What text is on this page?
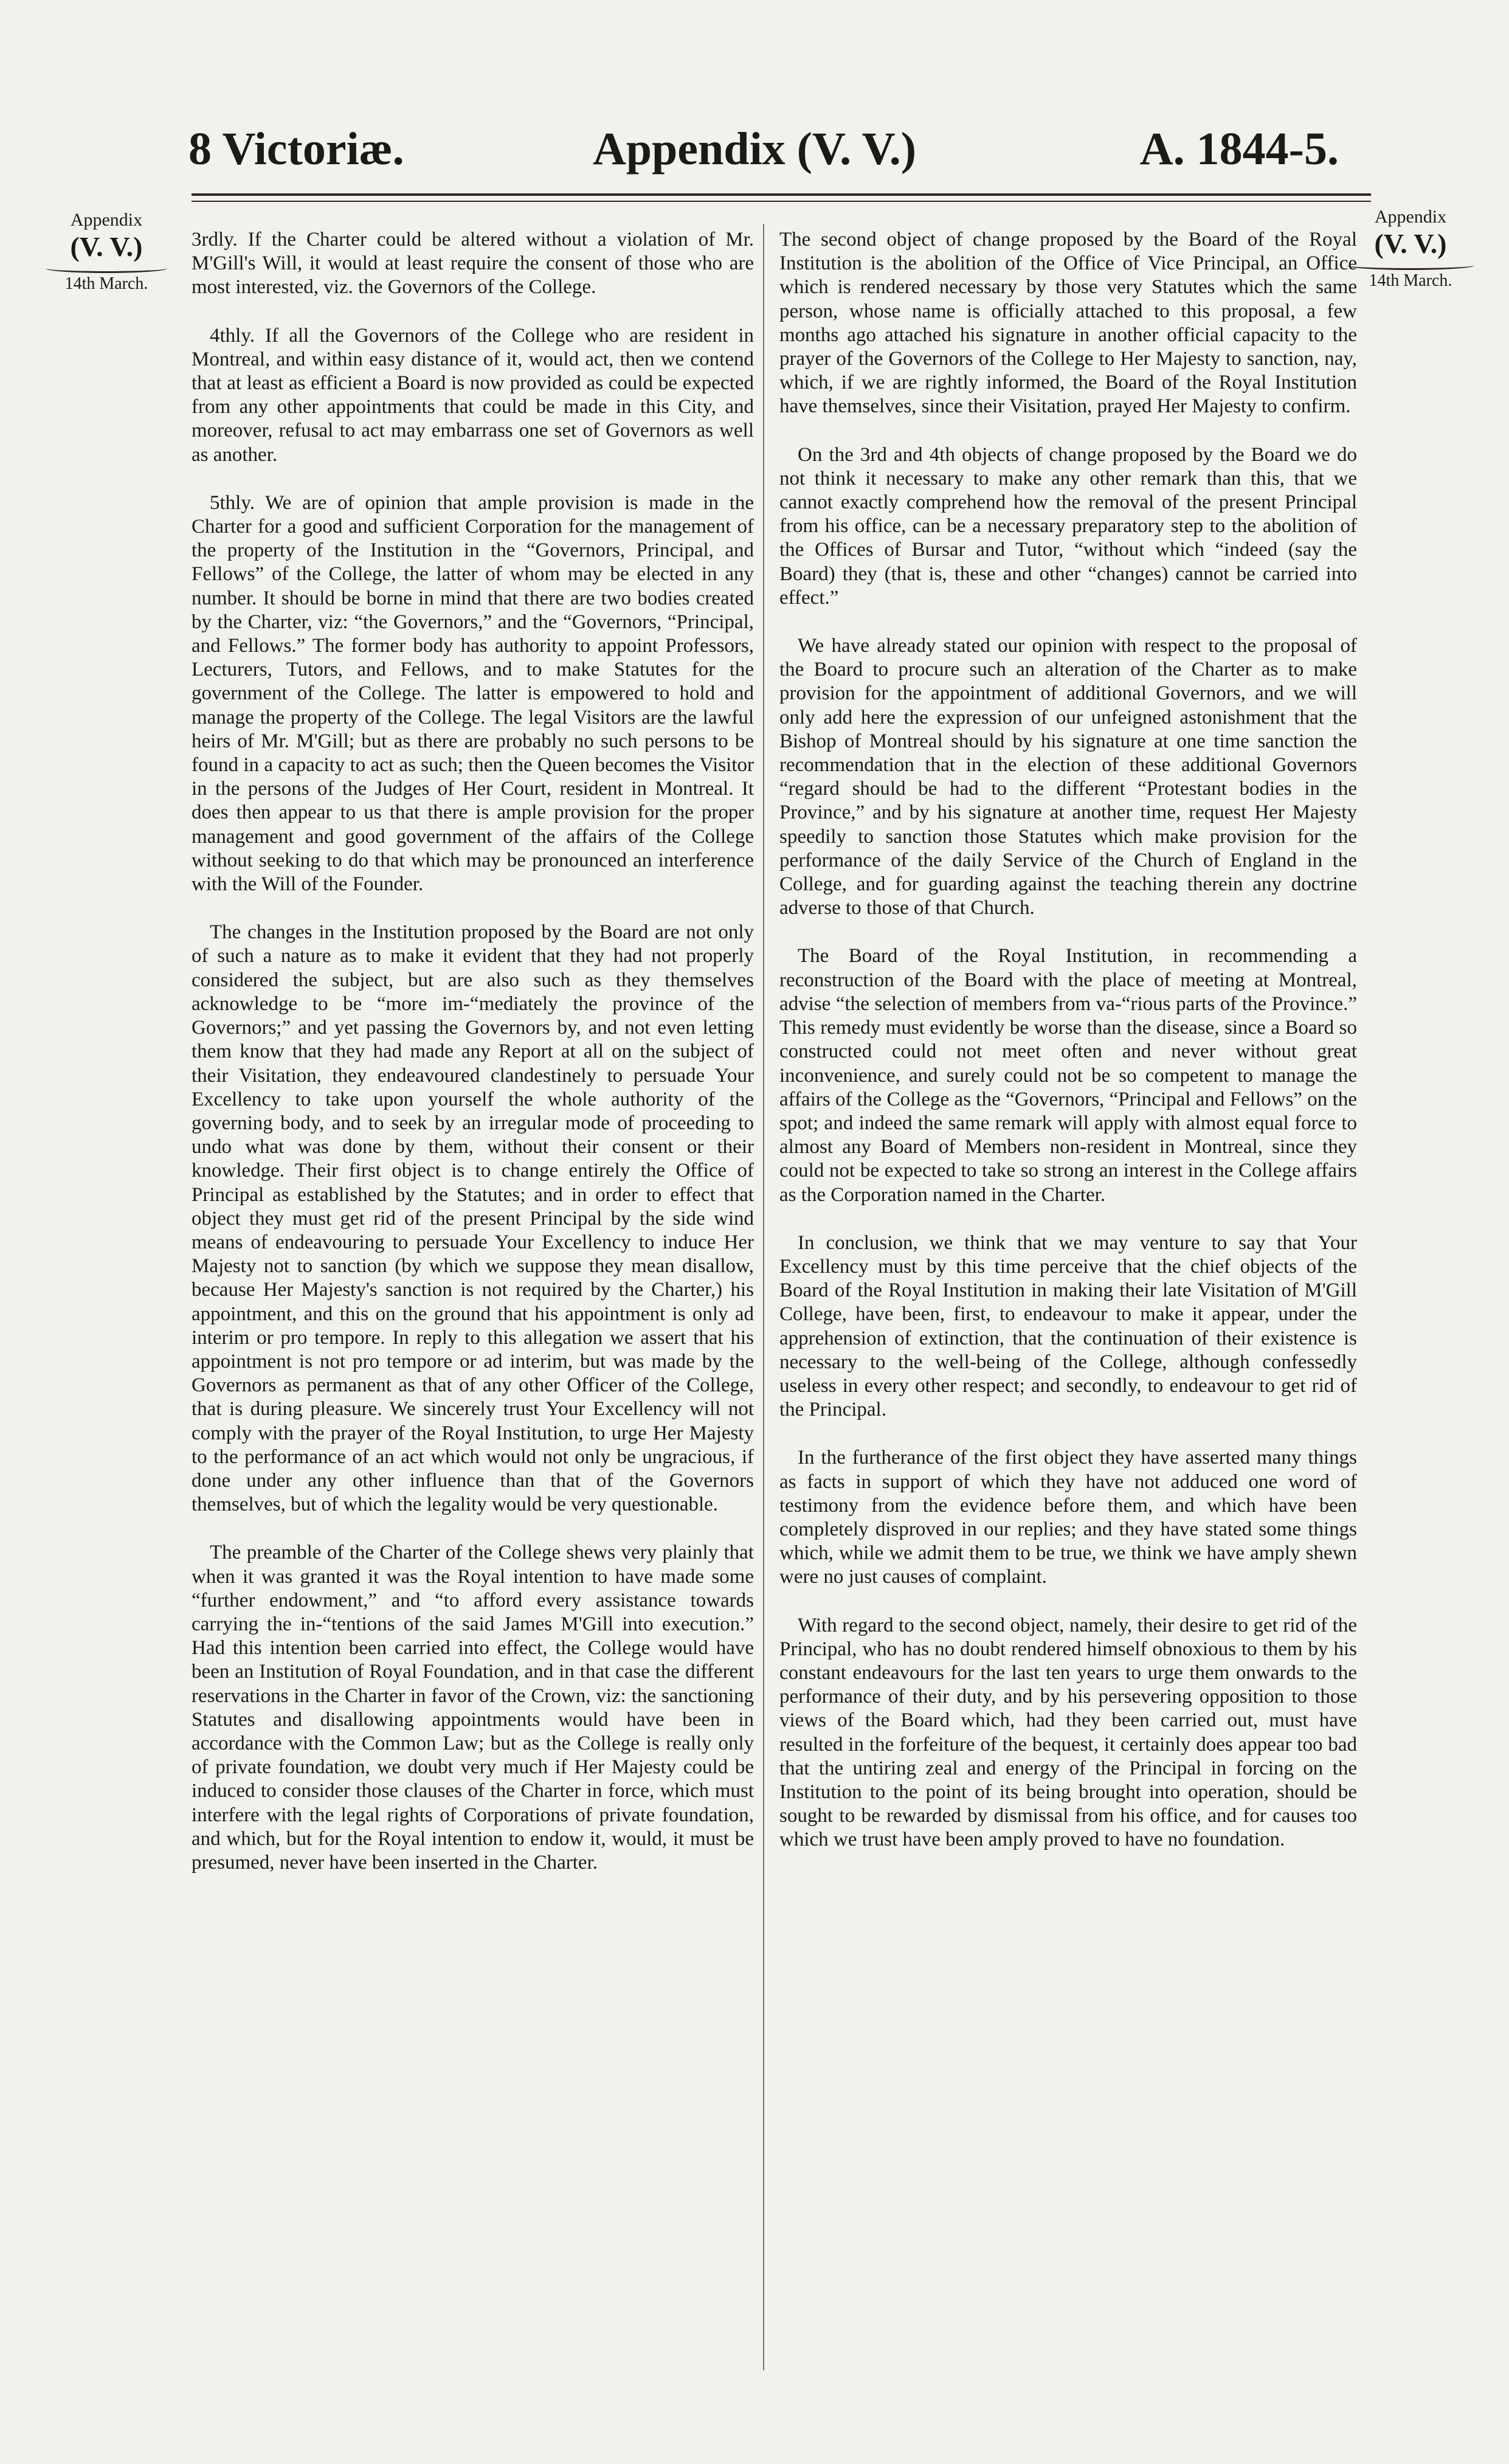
8 Victoriæ.	Appendix (V. V.)	A. 1844-5.
Appendix
(V. V.)
14th March.
Appendix
(V. V.)
14th March.

3rdly. If the Charter could be altered without a violation of Mr. M'Gill's Will, it would at least require the consent of those who are most interested, viz. the Governors of the College.

4thly. If all the Governors of the College who are resident in Montreal, and within easy distance of it, would act, then we contend that at least as efficient a Board is now provided as could be expected from any other appointments that could be made in this City, and moreover, refusal to act may embarrass one set of Governors as well as another.

5thly. We are of opinion that ample provision is made in the Charter for a good and sufficient Corporation for the management of the property of the Institution in the “Governors, Principal, and Fellows” of the College, the latter of whom may be elected in any number. It should be borne in mind that there are two bodies created by the Charter, viz: “the Governors,” and the “Governors, “Principal, and Fellows.” The former body has authority to appoint Professors, Lecturers, Tutors, and Fellows, and to make Statutes for the government of the College. The latter is empowered to hold and manage the property of the College. The legal Visitors are the lawful heirs of Mr. M'Gill; but as there are probably no such persons to be found in a capacity to act as such; then the Queen becomes the Visitor in the persons of the Judges of Her Court, resident in Montreal. It does then appear to us that there is ample provision for the proper management and good government of the affairs of the College without seeking to do that which may be pronounced an interference with the Will of the Founder.

The changes in the Institution proposed by the Board are not only of such a nature as to make it evident that they had not properly considered the subject, but are also such as they themselves acknowledge to be “more im-“mediately the province of the Governors;” and yet passing the Governors by, and not even letting them know that they had made any Report at all on the subject of their Visitation, they endeavoured clandestinely to persuade Your Excellency to take upon yourself the whole authority of the governing body, and to seek by an irregular mode of proceeding to undo what was done by them, without their consent or their knowledge. Their first object is to change entirely the Office of Principal as established by the Statutes; and in order to effect that object they must get rid of the present Principal by the side wind means of endeavouring to persuade Your Excellency to induce Her Majesty not to sanction (by which we suppose they mean disallow, because Her Majesty's sanction is not required by the Charter,) his appointment, and this on the ground that his appointment is only ad interim or pro tempore. In reply to this allegation we assert that his appointment is not pro tempore or ad interim, but was made by the Governors as permanent as that of any other Officer of the College, that is during pleasure. We sincerely trust Your Excellency will not comply with the prayer of the Royal Institution, to urge Her Majesty to the performance of an act which would not only be ungracious, if done under any other influence than that of the Governors themselves, but of which the legality would be very questionable.

The preamble of the Charter of the College shews very plainly that when it was granted it was the Royal intention to have made some “further endowment,” and “to afford every assistance towards carrying the in-“tentions of the said James M'Gill into execution.” Had this intention been carried into effect, the College would have been an Institution of Royal Foundation, and in that case the different reservations in the Charter in favor of the Crown, viz: the sanctioning Statutes and disallowing appointments would have been in accordance with the Common Law; but as the College is really only of private foundation, we doubt very much if Her Majesty could be induced to consider those clauses of the Charter in force, which must interfere with the legal rights of Corporations of private foundation, and which, but for the Royal intention to endow it, would, it must be presumed, never have been inserted in the Charter.

The second object of change proposed by the Board of the Royal Institution is the abolition of the Office of Vice Principal, an Office which is rendered necessary by those very Statutes which the same person, whose name is officially attached to this proposal, a few months ago attached his signature in another official capacity to the prayer of the Governors of the College to Her Majesty to sanction, nay, which, if we are rightly informed, the Board of the Royal Institution have themselves, since their Visitation, prayed Her Majesty to confirm.

On the 3rd and 4th objects of change proposed by the Board we do not think it necessary to make any other remark than this, that we cannot exactly comprehend how the removal of the present Principal from his office, can be a necessary preparatory step to the abolition of the Offices of Bursar and Tutor, “without which “indeed (say the Board) they (that is, these and other “changes) cannot be carried into effect.”

We have already stated our opinion with respect to the proposal of the Board to procure such an alteration of the Charter as to make provision for the appointment of additional Governors, and we will only add here the expression of our unfeigned astonishment that the Bishop of Montreal should by his signature at one time sanction the recommendation that in the election of these additional Governors “regard should be had to the different “Protestant bodies in the Province,” and by his signature at another time, request Her Majesty speedily to sanction those Statutes which make provision for the performance of the daily Service of the Church of England in the College, and for guarding against the teaching therein any doctrine adverse to those of that Church.

The Board of the Royal Institution, in recommending a reconstruction of the Board with the place of meeting at Montreal, advise “the selection of members from va-“rious parts of the Province.” This remedy must evidently be worse than the disease, since a Board so constructed could not meet often and never without great inconvenience, and surely could not be so competent to manage the affairs of the College as the “Governors, “Principal and Fellows” on the spot; and indeed the same remark will apply with almost equal force to almost any Board of Members non-resident in Montreal, since they could not be expected to take so strong an interest in the College affairs as the Corporation named in the Charter.

In conclusion, we think that we may venture to say that Your Excellency must by this time perceive that the chief objects of the Board of the Royal Institution in making their late Visitation of M'Gill College, have been, first, to endeavour to make it appear, under the apprehension of extinction, that the continuation of their existence is necessary to the well-being of the College, although confessedly useless in every other respect; and secondly, to endeavour to get rid of the Principal.

In the furtherance of the first object they have asserted many things as facts in support of which they have not adduced one word of testimony from the evidence before them, and which have been completely disproved in our replies; and they have stated some things which, while we admit them to be true, we think we have amply shewn were no just causes of complaint.

With regard to the second object, namely, their desire to get rid of the Principal, who has no doubt rendered himself obnoxious to them by his constant endeavours for the last ten years to urge them onwards to the performance of their duty, and by his persevering opposition to those views of the Board which, had they been carried out, must have resulted in the forfeiture of the bequest, it certainly does appear too bad that the untiring zeal and energy of the Principal in forcing on the Institution to the point of its being brought into operation, should be sought to be rewarded by dismissal from his office, and for causes too which we trust have been amply proved to have no foundation.
